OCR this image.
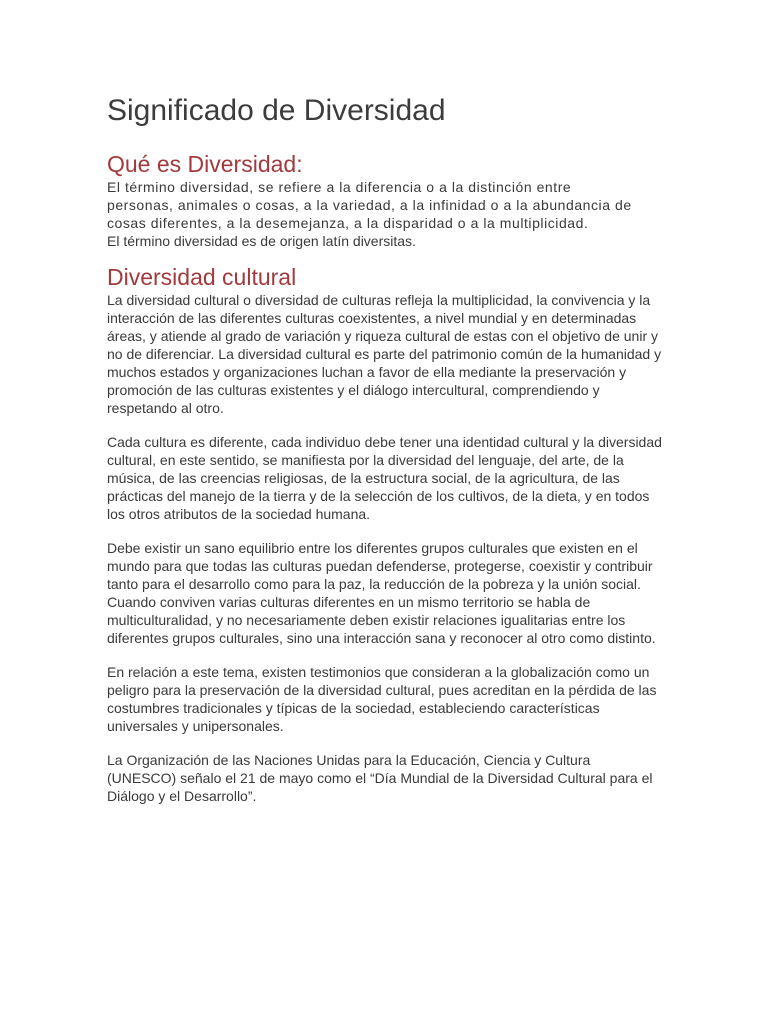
Significado de Diversidad
Qué es Diversidad:
El término diversidad, se refiere a la diferencia o a la distinción entre
personas, animales o cosas, a la variedad, a la infinidad o a la abundancia de
cosas diferentes, a la desemejanza, a la disparidad o a la multiplicidad.
El término diversidad es de origen latín diversitas.
Diversidad cultural

La diversidad cultural o diversidad de culturas refleja la multiplicidad, la convivencia y la interacción de las diferentes culturas coexistentes, a nivel mundial y en determinadas áreas, y atiende al grado de variación y riqueza cultural de estas con el objetivo de unir y no de diferenciar. La diversidad cultural es parte del patrimonio común de la humanidad y muchos estados y organizaciones luchan a favor de ella mediante la preservación y promoción de las culturas existentes y el diálogo intercultural, comprendiendo y respetando al otro.

Cada cultura es diferente, cada individuo debe tener una identidad cultural y la diversidad cultural, en este sentido, se manifiesta por la diversidad del lenguaje, del arte, de la música, de las creencias religiosas, de la estructura social, de la agricultura, de las prácticas del manejo de la tierra y de la selección de los cultivos, de la dieta, y en todos los otros atributos de la sociedad humana.

Debe existir un sano equilibrio entre los diferentes grupos culturales que existen en el mundo para que todas las culturas puedan defenderse, protegerse, coexistir y contribuir tanto para el desarrollo como para la paz, la reducción de la pobreza y la unión social. Cuando conviven varias culturas diferentes en un mismo territorio se habla de multiculturalidad, y no necesariamente deben existir relaciones igualitarias entre los diferentes grupos culturales, sino una interacción sana y reconocer al otro como distinto.

En relación a este tema, existen testimonios que consideran a la globalización como un peligro para la preservación de la diversidad cultural, pues acreditan en la pérdida de las costumbres tradicionales y típicas de la sociedad, estableciendo características universales y unipersonales.

La Organización de las Naciones Unidas para la Educación, Ciencia y Cultura (UNESCO) señalo el 21 de mayo como el “Día Mundial de la Diversidad Cultural para el Diálogo y el Desarrollo”.
